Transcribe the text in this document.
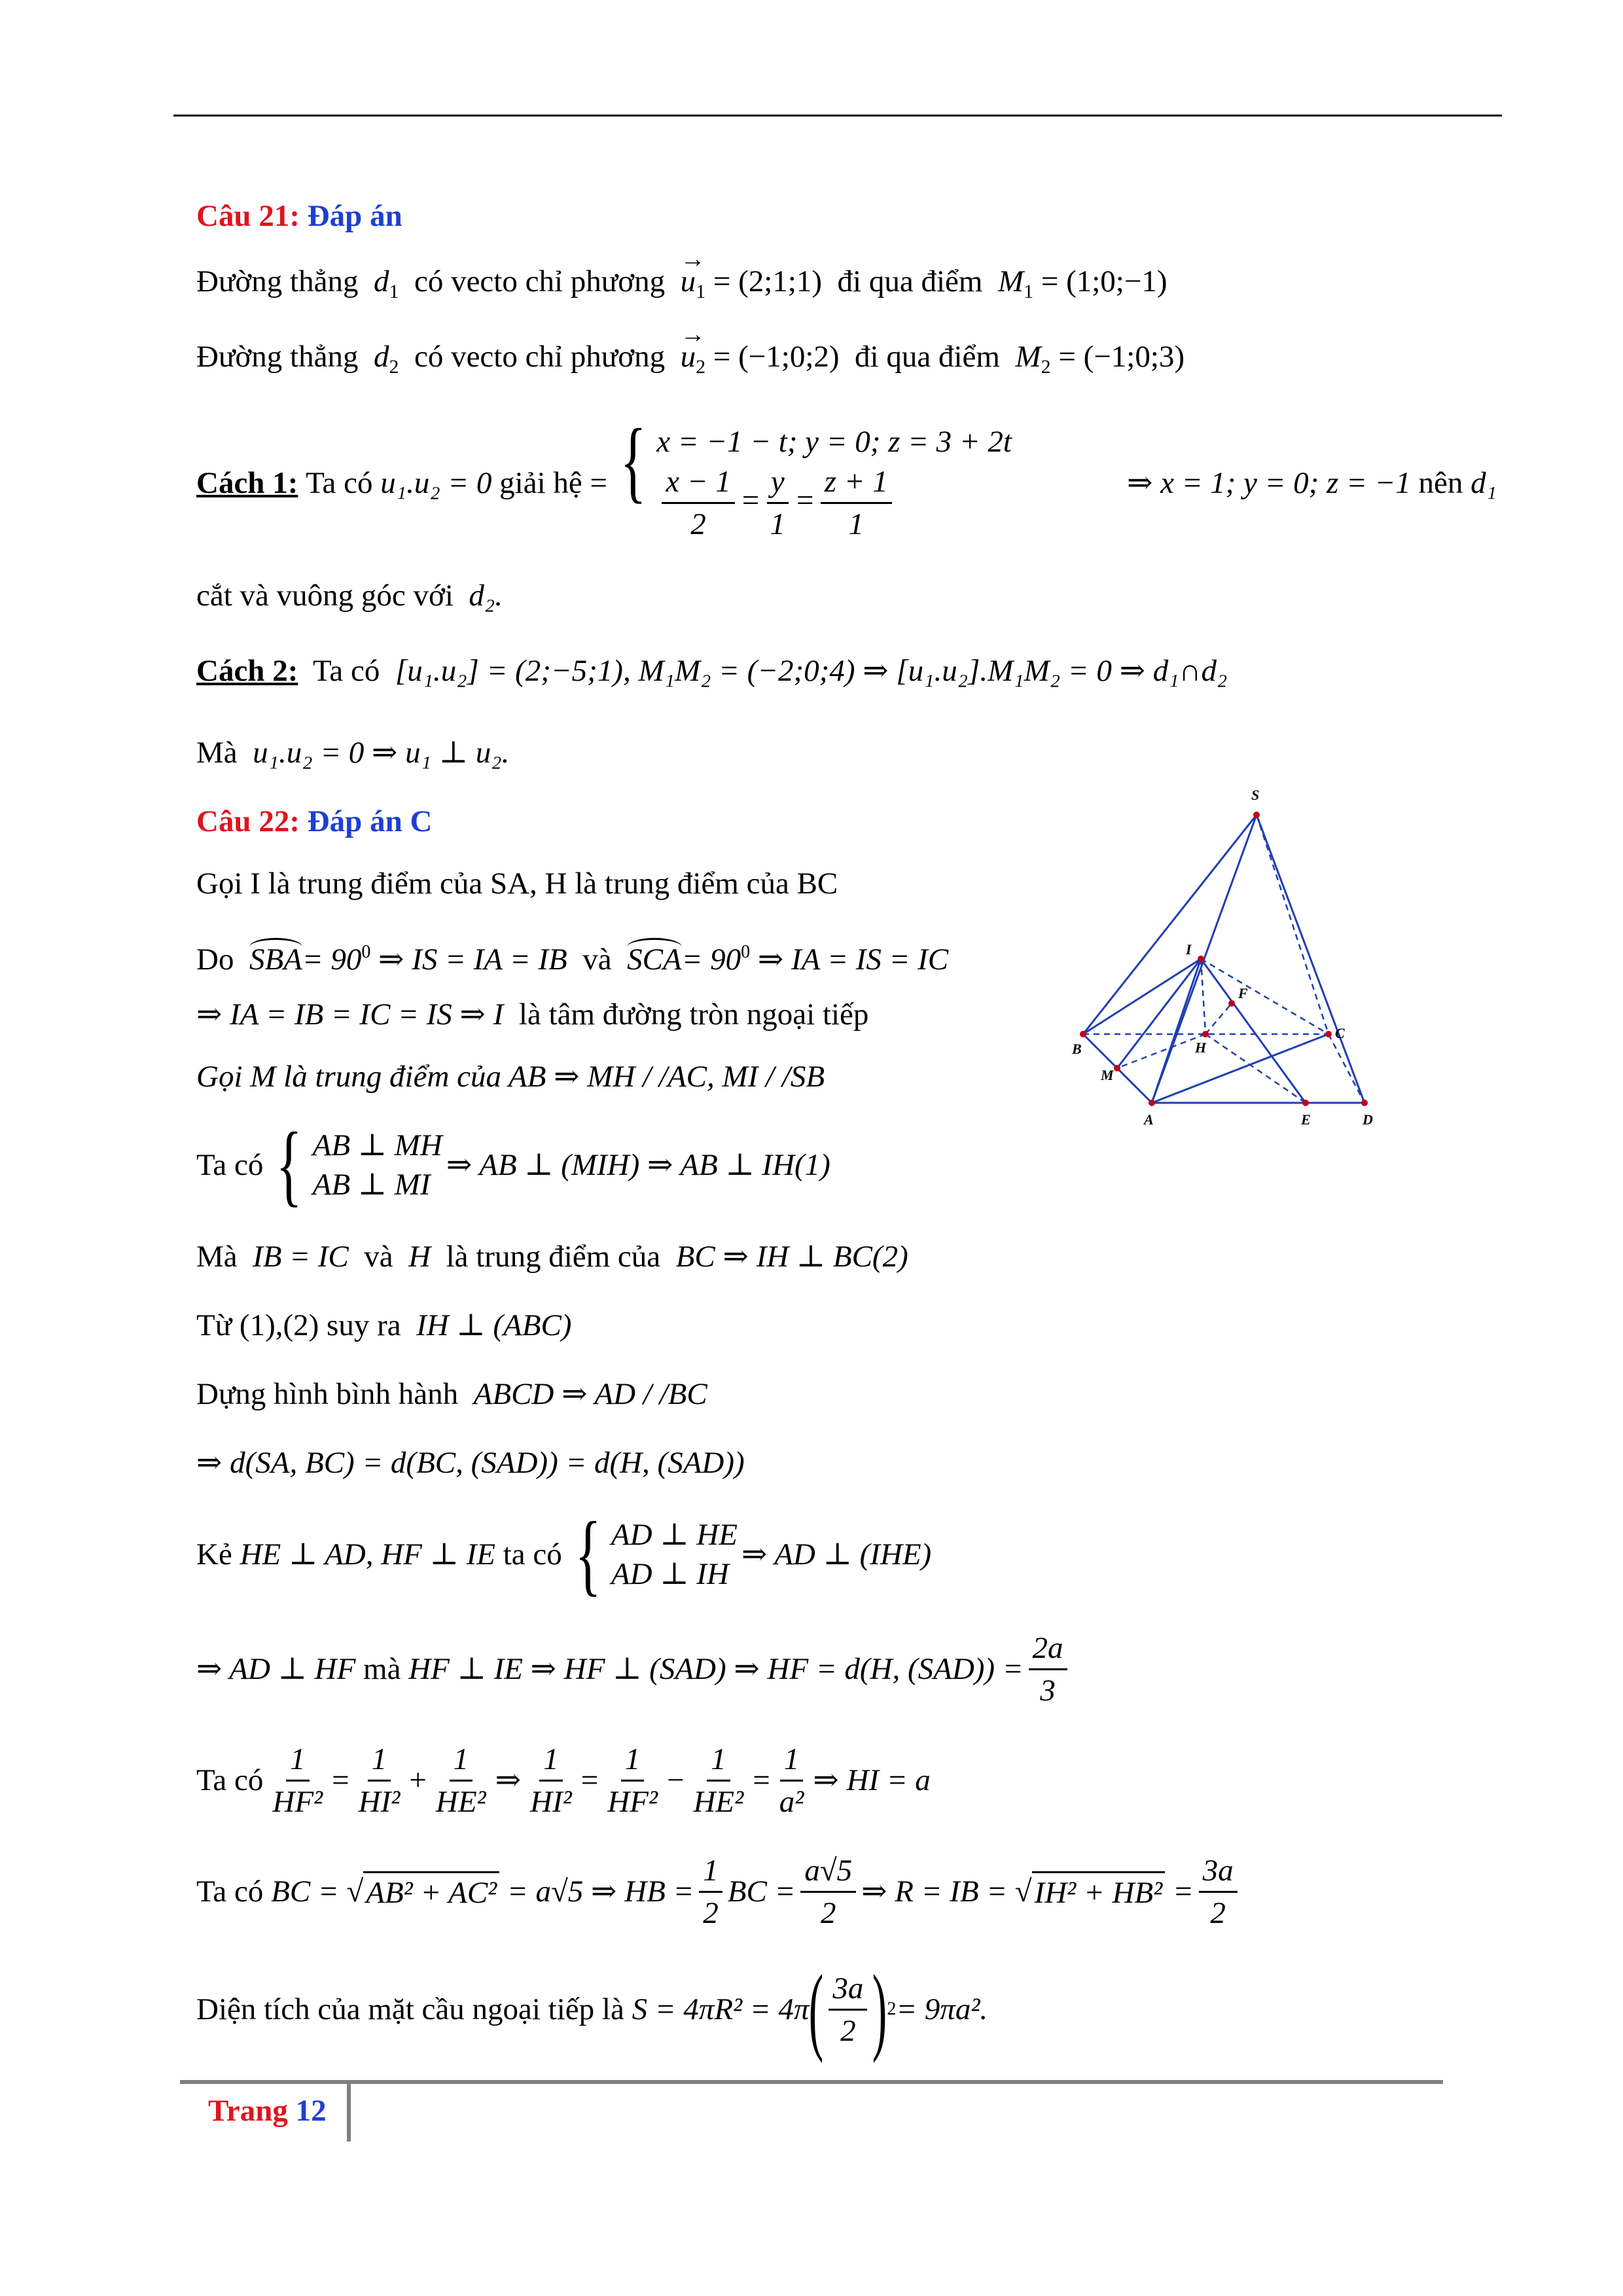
Câu 21: Đáp án
Đường thẳng $d_1$ có vecto chỉ phương → $u_1$ = (2;1;1) đi qua điểm $M_1$ = (1;0;−1)
Đường thẳng $d_2$ có vecto chỉ phương → $u_2$ = (−1;0;2) đi qua điểm $M_2$ = (−1;0;3)
Cách 1:
Ta có
u₁.u₂ = 0
giải hệ = { x = −1 − t; y = 0; z = 3 + 2t
$\frac{x - 1}{2} = \frac{y}{1} = \frac{z + 1}{1}$	⇒ x = 1; y = 0; z = −1
nên
d₁
cắt và vuông góc với d₂.
Cách 2: Ta có [u₁.u₂] = (2;−5;1), M₁M₂ = (−2;0;4) ⇒ [u₁.u₂].M₁M₂ = 0 ⇒ d₁∩d₂
Mà u₁.u₂ = 0 ⇒ u₁ ⊥ u₂.
Câu 22: Đáp án C
Gọi I là trung điểm của SA, H là trung điểm của BC
Do $SBA= 90^0$ ⇒ IS = IA = IB và $SCA= 90^0$ ⇒ IA = IS = IC
⇒ IA = IB = IC = IS ⇒ I là tâm đường tròn ngoại tiếp
Gọi M là trung điểm của AB ⇒ MH / /AC, MI / /SB
Ta có { AB ⊥ MH
AB ⊥ MI
⇒ AB ⊥ (MIH) ⇒ AB ⊥ IH(1)
Mà IB = IC và H là trung điểm của BC ⇒ IH ⊥ BC(2)
Từ (1),(2) suy ra IH ⊥ (ABC)
Dựng hình bình hành ABCD ⇒ AD / /BC
⇒ d(SA, BC) = d(BC, (SAD)) = d(H, (SAD))
Kẻ
HE ⊥ AD, HF ⊥ IE
ta có { AD ⊥ HE
AD ⊥ IH
⇒ AD ⊥ (IHE)
⇒ AD ⊥ HF
mà
HF ⊥ IE ⇒ HF ⊥ (SAD) ⇒ HF = d(H, $(SAD)) = \frac{2a}{3}$
Ta có $\frac{1}{\text{HF²}} = \frac{1}{\text{HI²}} + \frac{1}{\text{HE²}}$ ⇒ $\frac{1}{\text{HI²}} = \frac{1}{\text{HF²}} - \frac{1}{\text{HE²}} = \frac{1}{\text{a²}}$ ⇒ HI = a
Ta có
BC = √ AB² + AC²
= a√5 ⇒ HB = $\frac{1}{2}$ BC = $\frac{a√5}{2}$ ⇒ R = IB = √ IH² + HB²
= $\frac{3a}{2}$
Diện tích của mặt cầu ngoại tiếp là
S = 4πR² = 4π ( $\frac{3a}{2}$ ) 2 = 9πa².
S
I
F
B	H
C
M
A	E	D
Trang 12
